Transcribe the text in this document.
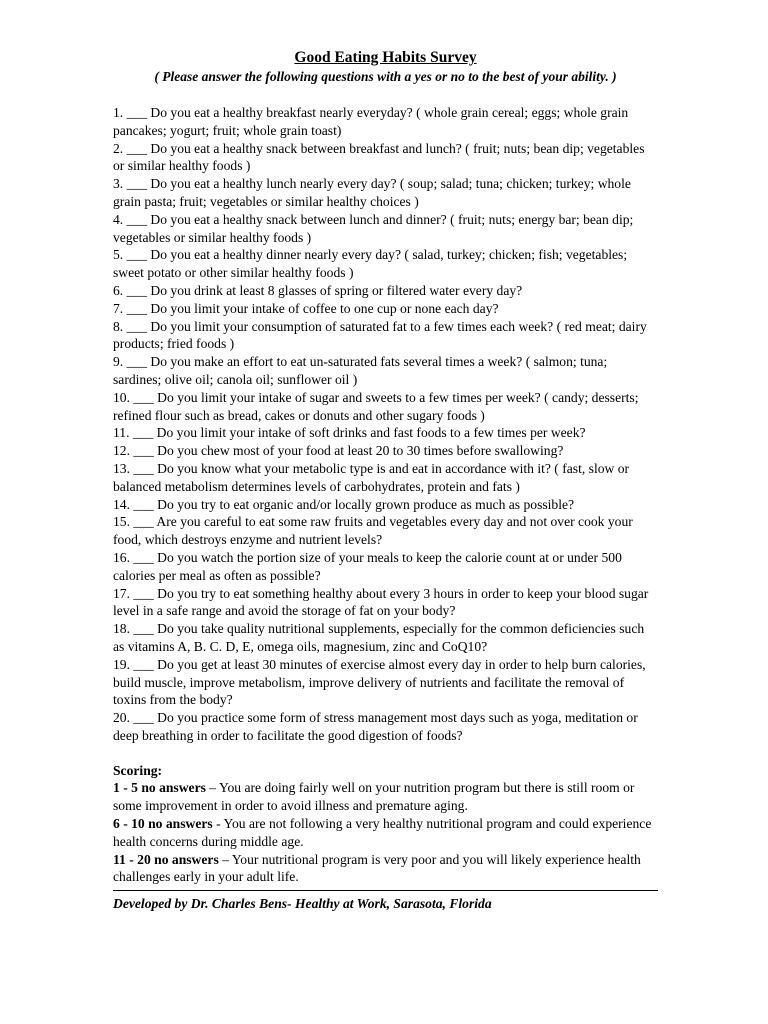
Good Eating Habits Survey

( Please answer the following questions with a yes or no to the best of your ability. )

1. ___ Do you eat a healthy breakfast nearly everyday? ( whole grain cereal; eggs; whole grain pancakes; yogurt; fruit; whole grain toast)

2. ___ Do you eat a healthy snack between breakfast and lunch? ( fruit; nuts; bean dip; vegetables or similar healthy foods )

3. ___ Do you eat a healthy lunch nearly every day? ( soup; salad; tuna; chicken; turkey; whole grain pasta; fruit; vegetables or similar healthy choices )

4. ___ Do you eat a healthy snack between lunch and dinner? ( fruit; nuts; energy bar; bean dip; vegetables or similar healthy foods )

5. ___ Do you eat a healthy dinner nearly every day? ( salad, turkey; chicken; fish; vegetables; sweet potato or other similar healthy foods )

6. ___ Do you drink at least 8 glasses of spring or filtered water every day?

7. ___ Do you limit your intake of coffee to one cup or none each day?

8. ___ Do you limit your consumption of saturated fat to a few times each week? ( red meat; dairy products; fried foods )

9. ___ Do you make an effort to eat un-saturated fats several times a week? ( salmon; tuna; sardines; olive oil; canola oil; sunflower oil )

10. ___ Do you limit your intake of sugar and sweets to a few times per week? ( candy; desserts; refined flour such as bread, cakes or donuts and other sugary foods )

11. ___ Do you limit your intake of soft drinks and fast foods to a few times per week?

12. ___ Do you chew most of your food at least 20 to 30 times before swallowing?

13. ___ Do you know what your metabolic type is and eat in accordance with it? ( fast, slow or balanced metabolism determines levels of carbohydrates, protein and fats )

14. ___ Do you try to eat organic and/or locally grown produce as much as possible?

15. ___ Are you careful to eat some raw fruits and vegetables every day and not over cook your food, which destroys enzyme and nutrient levels?

16. ___ Do you watch the portion size of your meals to keep the calorie count at or under 500 calories per meal as often as possible?

17. ___ Do you try to eat something healthy about every 3 hours in order to keep your blood sugar level in a safe range and avoid the storage of fat on your body?

18. ___ Do you take quality nutritional supplements, especially for the common deficiencies such as vitamins A, B. C. D, E, omega oils, magnesium, zinc and CoQ10?

19. ___ Do you get at least 30 minutes of exercise almost every day in order to help burn calories, build muscle, improve metabolism, improve delivery of nutrients and facilitate the removal of toxins from the body?

20. ___ Do you practice some form of stress management most days such as yoga, meditation or deep breathing in order to facilitate the good digestion of foods?

Scoring:

1 - 5 no answers – You are doing fairly well on your nutrition program but there is still room or some improvement in order to avoid illness and premature aging.

6 - 10 no answers - You are not following a very healthy nutritional program and could experience health concerns during middle age.

11 - 20 no answers – Your nutritional program is very poor and you will likely experience health challenges early in your adult life.

Developed by Dr. Charles Bens- Healthy at Work, Sarasota, Florida
